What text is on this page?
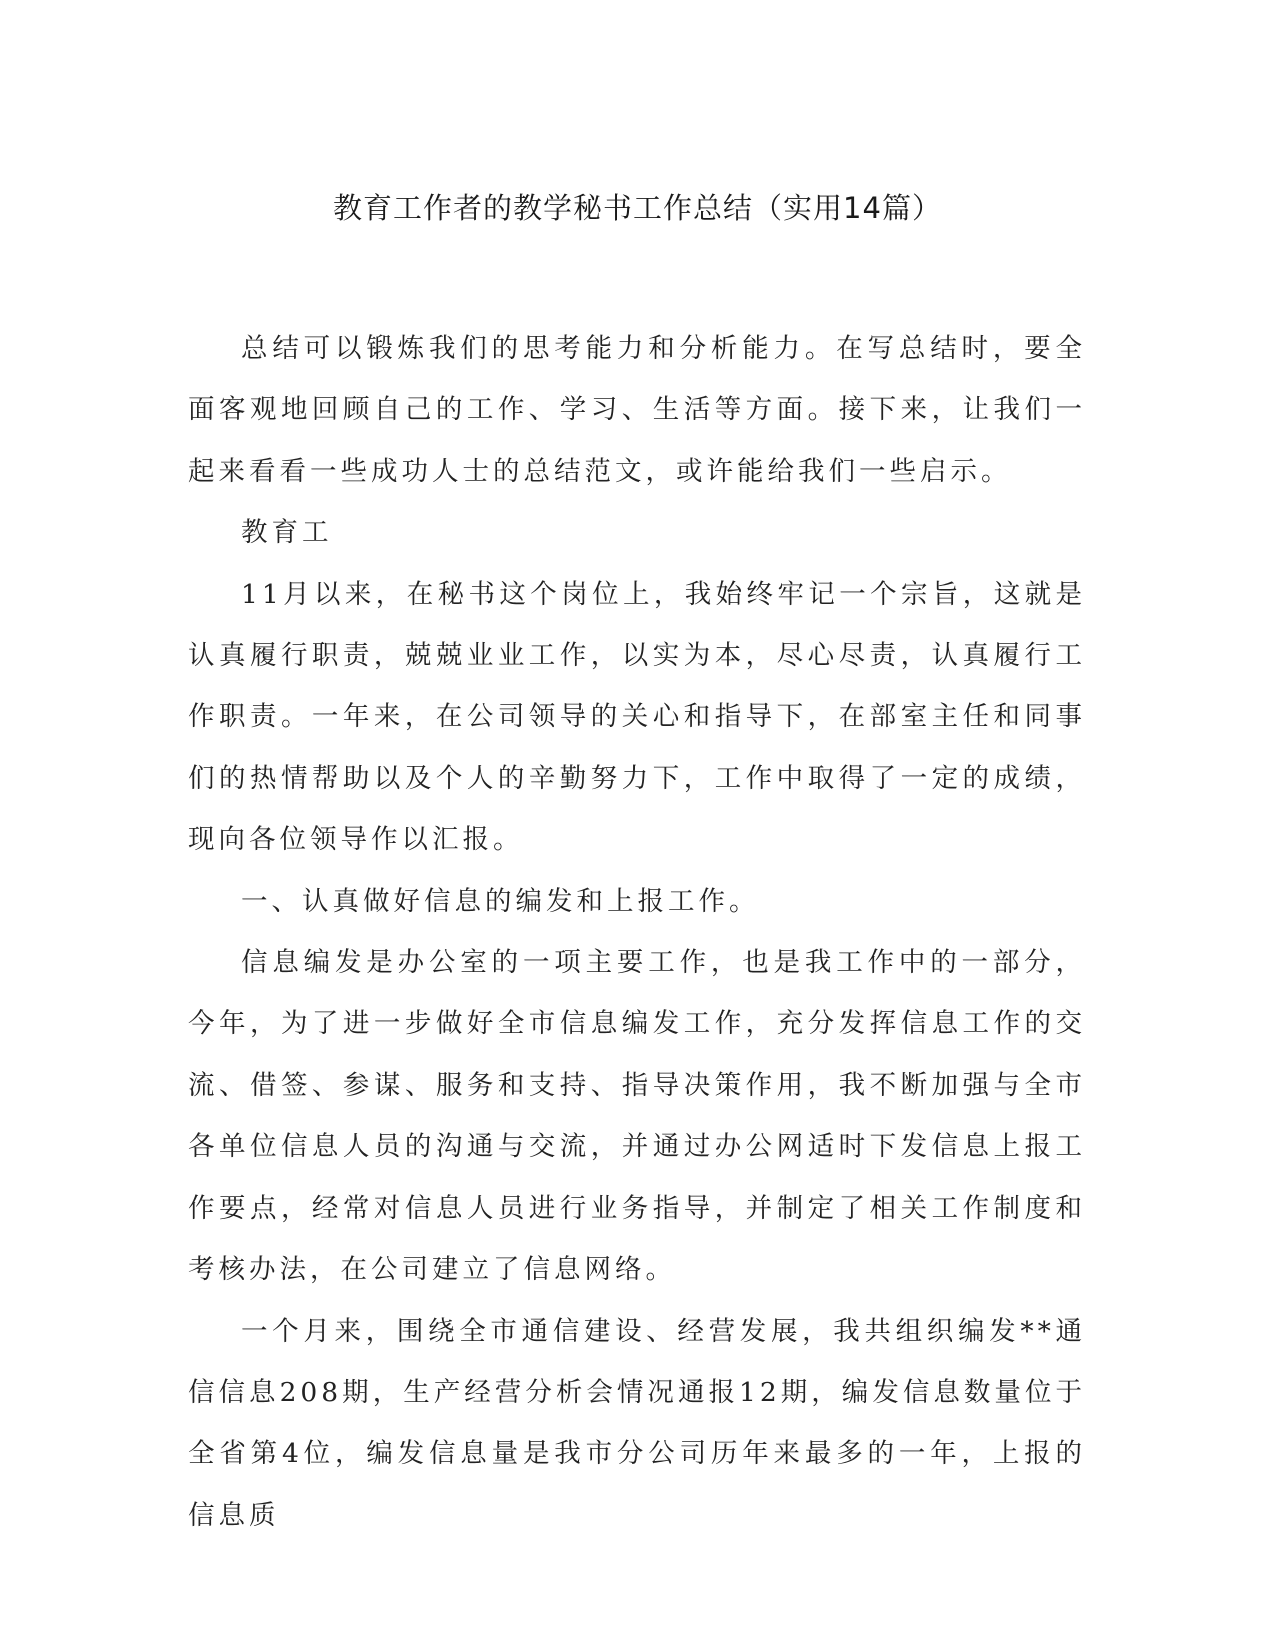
教育工作者的教学秘书工作总结（实用14篇）

总结可以锻炼我们的思考能力和分析能力。在写总结时，要全面客观地回顾自己的工作、学习、生活等方面。接下来，让我们一起来看看一些成功人士的总结范文，或许能给我们一些启示。

教育工

11月以来，在秘书这个岗位上，我始终牢记一个宗旨，这就是认真履行职责，兢兢业业工作，以实为本，尽心尽责，认真履行工作职责。一年来，在公司领导的关心和指导下，在部室主任和同事们的热情帮助以及个人的辛勤努力下，工作中取得了一定的成绩，现向各位领导作以汇报。

一、认真做好信息的编发和上报工作。

信息编发是办公室的一项主要工作，也是我工作中的一部分，今年，为了进一步做好全市信息编发工作，充分发挥信息工作的交流、借签、参谋、服务和支持、指导决策作用，我不断加强与全市各单位信息人员的沟通与交流，并通过办公网适时下发信息上报工作要点，经常对信息人员进行业务指导，并制定了相关工作制度和考核办法，在公司建立了信息网络。

一个月来，围绕全市通信建设、经营发展，我共组织编发**通信信息208期，生产经营分析会情况通报12期，编发信息数量位于全省第4位，编发信息量是我市分公司历年来最多的一年，上报的信息质
